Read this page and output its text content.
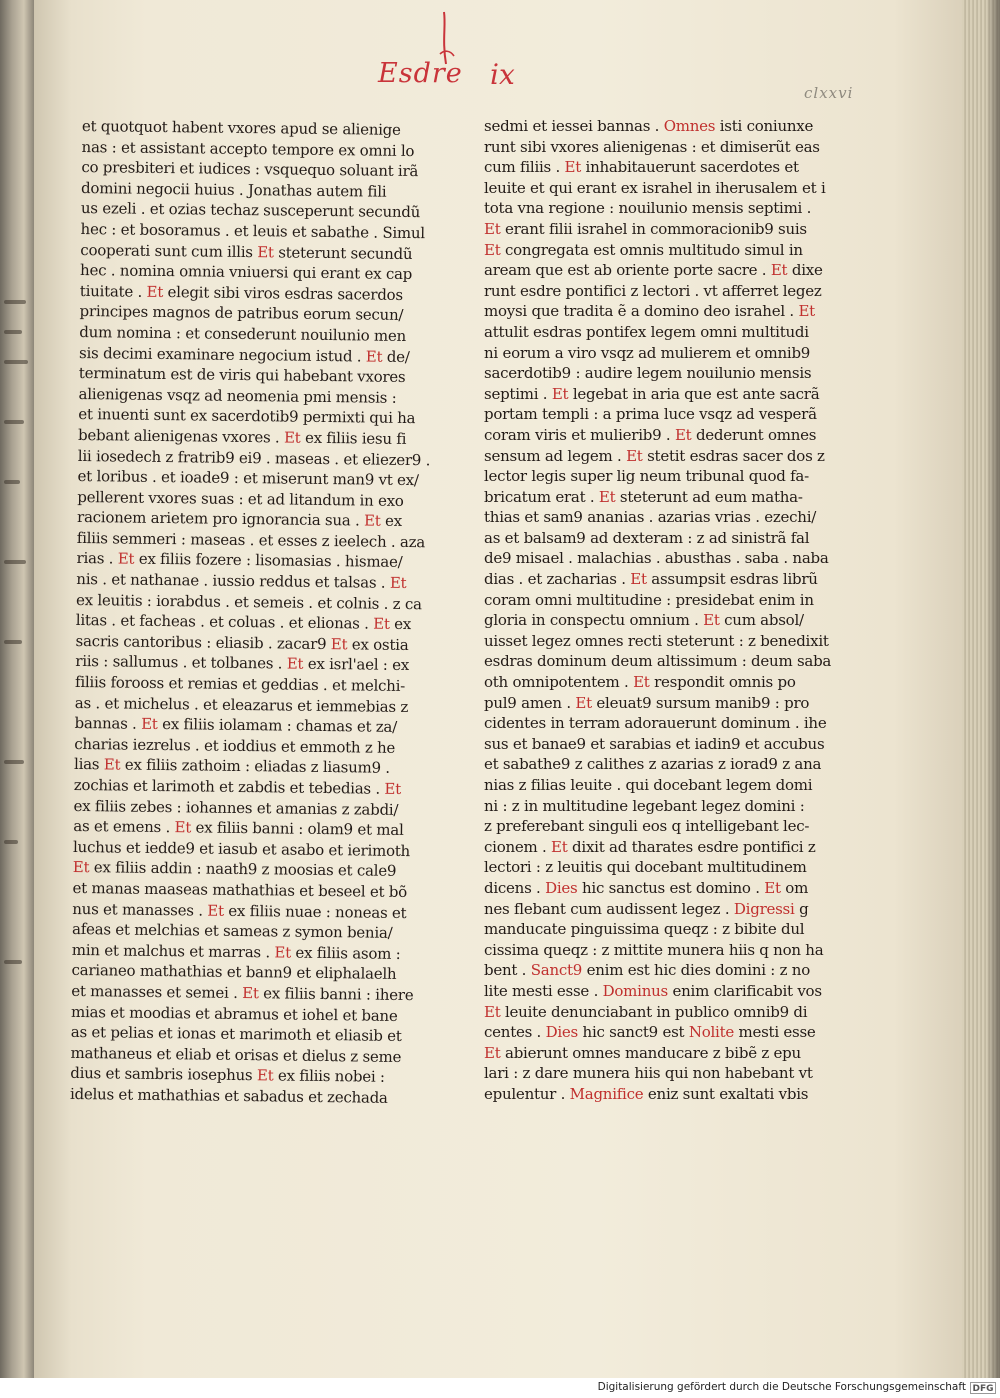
Esdre ix
clxxvi
et quotquot habent vxores apud se alienige
nas : et assistant accepto tempore ex omni lo
co presbiteri et iudices : vsquequo soluant irã
domini negocii huius . Jonathas autem fili
us ezeli . et ozias techaz susceperunt secundũ
hec : et bosoramus . et leuis et sabathe . Simul
cooperati sunt cum illis Et steterunt secundũ
hec . nomina omnia vniuersi qui erant ex cap
tiuitate . Et elegit sibi viros esdras sacerdos
principes magnos de patribus eorum secun/
dum nomina : et consederunt nouilunio men
sis decimi examinare negocium istud . Et de/
terminatum est de viris qui habebant vxores
alienigenas vsqz ad neomenia pmi mensis :
et inuenti sunt ex sacerdotib9 permixti qui ha
bebant alienigenas vxores . Et ex filiis iesu fi
lii iosedech z fratrib9 ei9 . maseas . et eliezer9 .
et loribus . et ioade9 : et miserunt man9 vt ex/
pellerent vxores suas : et ad litandum in exo
racionem arietem pro ignorancia sua . Et ex
filiis semmeri : maseas . et esses z ieelech . aza
rias . Et ex filiis fozere : lisomasias . hismae/
nis . et nathanae . iussio reddus et talsas . Et
ex leuitis : iorabdus . et semeis . et colnis . z ca
litas . et facheas . et coluas . et elionas . Et ex
sacris cantoribus : eliasib . zacar9 Et ex ostia
riis : sallumus . et tolbanes . Et ex isrl'ael : ex
filiis forooss et remias et geddias . et melchi-
as . et michelus . et eleazarus et iemmebias z
bannas . Et ex filiis iolamam : chamas et za/
charias iezrelus . et ioddius et emmoth z he
lias Et ex filiis zathoim : eliadas z liasum9 .
zochias et larimoth et zabdis et tebedias . Et
ex filiis zebes : iohannes et amanias z zabdi/
as et emens . Et ex filiis banni : olam9 et mal
luchus et iedde9 et iasub et asabo et ierimoth
Et ex filiis addin : naath9 z moosias et cale9
et manas maaseas mathathias et beseel et bõ
nus et manasses . Et ex filiis nuae : noneas et
afeas et melchias et sameas z symon benia/
min et malchus et marras . Et ex filiis asom :
carianeo mathathias et bann9 et eliphalaelh
et manasses et semei . Et ex filiis banni : ihere
mias et moodias et abramus et iohel et bane
as et pelias et ionas et marimoth et eliasib et
mathaneus et eliab et orisas et dielus z seme
dius et sambris iosephus Et ex filiis nobei :
idelus et mathathias et sabadus et zechada
sedmi et iessei bannas . Omnes isti coniunxe
runt sibi vxores alienigenas : et dimiserũt eas
cum filiis . Et inhabitauerunt sacerdotes et
leuite et qui erant ex israhel in iherusalem et i
tota vna regione : nouilunio mensis septimi .
Et erant filii israhel in commoracionib9 suis
Et congregata est omnis multitudo simul in
aream que est ab oriente porte sacre . Et dixe
runt esdre pontifici z lectori . vt afferret legez
moysi que tradita ẽ a domino deo israhel . Et
attulit esdras pontifex legem omni multitudi
ni eorum a viro vsqz ad mulierem et omnib9
sacerdotib9 : audire legem nouilunio mensis
septimi . Et legebat in aria que est ante sacrã
portam templi : a prima luce vsqz ad vesperã
coram viris et mulierib9 . Et dederunt omnes
sensum ad legem . Et stetit esdras sacer dos z
lector legis super lig neum tribunal quod fa-
bricatum erat . Et steterunt ad eum matha-
thias et sam9 ananias . azarias vrias . ezechi/
as et balsam9 ad dexteram : z ad sinistrã fal
de9 misael . malachias . abusthas . saba . naba
dias . et zacharias . Et assumpsit esdras librũ
coram omni multitudine : presidebat enim in
gloria in conspectu omnium . Et cum absol/
uisset legez omnes recti steterunt : z benedixit
esdras dominum deum altissimum : deum saba
oth omnipotentem . Et respondit omnis po
pul9 amen . Et eleuat9 sursum manib9 : pro
cidentes in terram adorauerunt dominum . ihe
sus et banae9 et sarabias et iadin9 et accubus
et sabathe9 z calithes z azarias z iorad9 z ana
nias z filias leuite . qui docebant legem domi
ni : z in multitudine legebant legez domini :
z preferebant singuli eos q intelligebant lec-
cionem . Et dixit ad tharates esdre pontifici z
lectori : z leuitis qui docebant multitudinem
dicens . Dies hic sanctus est domino . Et om
nes flebant cum audissent legez . Digressi g
manducate pinguissima queqz : z bibite dul
cissima queqz : z mittite munera hiis q non ha
bent . Sanct9 enim est hic dies domini : z no
lite mesti esse . Dominus enim clarificabit vos
Et leuite denunciabant in publico omnib9 di
centes . Dies hic sanct9 est Nolite mesti esse
Et abierunt omnes manducare z bibẽ z epu
lari : z dare munera hiis qui non habebant vt
epulentur . Magnifice eniz sunt exaltati vbis
Digitalisierung gefördert durch die Deutsche Forschungsgemeinschaft DFG
